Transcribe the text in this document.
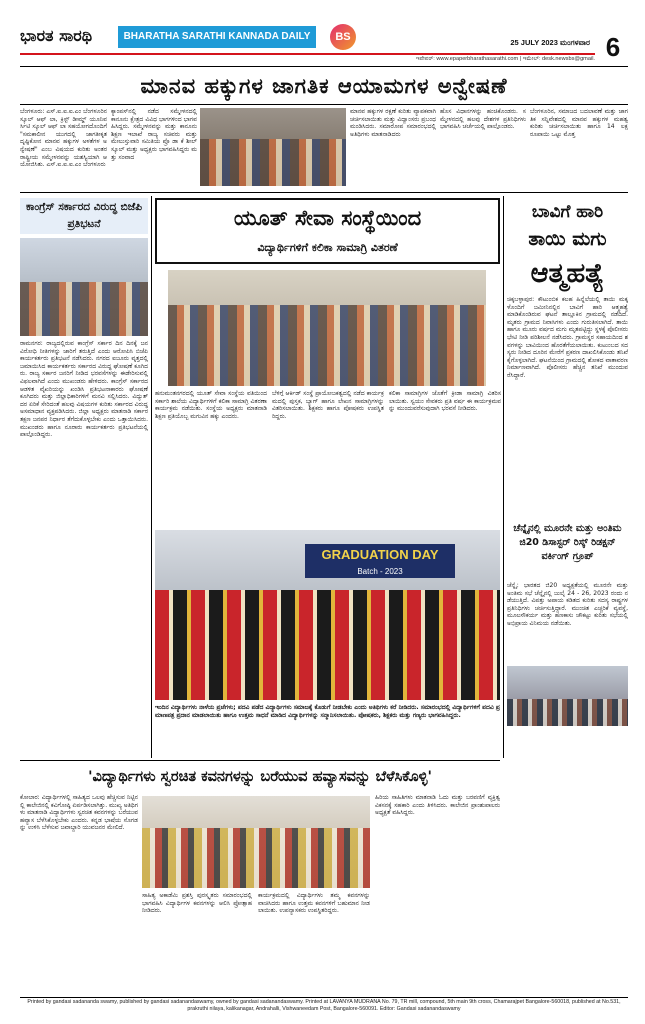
ಭಾರತ ಸಾರಥಿ	BHARATHA SARATHI KANNADA DAILY	BS	25 JULY 2023 ಮಂಗಳವಾರ 6
ಇಪೇಪರ್: www.epaperbharathasarathi.com | ಇಮೇಲ್: desk.newsbs@gmail.
ಮಾನವ ಹಕ್ಕುಗಳ ಜಾಗತಿಕ ಆಯಾಮಗಳ ಅನ್ವೇಷಣೆ
ಬೆಂಗಳೂರು: ಎಸ್.ಐ.ಐ.ಐ.ಎಂ ಬೆಂಗಳೂರಿನ ಸ್ಕೂಲ್ ಆಫ್ ಲಾ, ಕ್ರಿಸ್ಟ್ ಡೀಮ್ಡ್ ಯೂನಿವರ್ಸಿಟಿ ಸ್ಕೂಲ್ ಆಫ್ ಲಾ ಸಹಯೋಗದೊಂದಿಗೆ "ಸಮಕಾಲೀನ ಯುಗದಲ್ಲಿ ಜಾಗತೀಕೃತ ದೃಷ್ಟಿಕೋನ ಮಾನವ ಹಕ್ಕುಗಳ ಅಳತೆಗಳ ಅನ್ವೇಷಣೆ" ಎಂಬ ವಿಷಯದ ಕುರಿತು ಅಂತರರಾಷ್ಟ್ರೀಯ ಸಮ್ಮೇಳನವನ್ನು ಯಶಸ್ವಿಯಾಗಿ ಆಯೋಜಿಸಿತು. ಎಸ್.ಐ.ಐ.ಐ.ಎಂ ಬೆಂಗಳೂರು
ಕ್ಯಾಂಪಸ್‌ನಲ್ಲಿ ನಡೆದ ಸಮ್ಮೇಳನದಲ್ಲಿ ಕಾನೂನು ಕ್ಷೇತ್ರದ ವಿವಿಧ ಭಾಗಗಳಿಂದ ಭಾಗವಹಿಸಿದ್ದರು. ಸಮ್ಮೇಳನವನ್ನು ಮತ್ತು ಕಾನೂನು ಶಿಕ್ಷಣ ಇಲಾಖೆ ರಾಜ್ಯ ಸಚಿವರು ಮತ್ತು ಮೇಲುಸ್ತುವಾರಿ ಸಮಿತಿಯ ಪ್ರೊ ಡಾ ಕೆ ಶೀಲ್ ಸ್ಕೂಲ್ ಮತ್ತು ಅಧ್ಯಕ್ಷರು ಭಾಗವಹಿಸಿದ್ದರು ಮತ್ತು ಸಂವಾದ
ಮಾನವ ಹಕ್ಕುಗಳ ರಕ್ಷಣೆ ಕುರಿತು ವ್ಯಾಪಕವಾಗಿ ಚರ್ಚಿಸಲಾಯಿತು ಮತ್ತು ವಿದ್ವಾಂಸರು ಪ್ರಬಂಧ ಮಂಡಿಸಿದರು. ಸಮಾರೋಪ ಸಮಾರಂಭದಲ್ಲಿ ಅತಿಥಿಗಳು ಮಾತನಾಡಿದರು
ಹೊಸ ವಿಧಾನಗಳನ್ನು ಹಂಚಿಕೊಂಡರು. ಸಮ್ಮೇಳನದಲ್ಲಿ ಹಲವು ದೇಶಗಳ ಪ್ರತಿನಿಧಿಗಳು ಭಾಗವಹಿಸಿ ಚರ್ಚೆಯಲ್ಲಿ ಪಾಲ್ಗೊಂಡರು.
ಬೆಂಗಳೂರಿನ, ಸಮಾಜದ ಬದಲಾವಣೆ ಮತ್ತು ಜಾಗತಿಕ ಸನ್ನಿವೇಶದಲ್ಲಿ ಮಾನವ ಹಕ್ಕುಗಳ ಮಹತ್ವ ಕುರಿತು ಚರ್ಚಿಸಲಾಯಿತು ಹಾಗೂ 14 ಲಕ್ಷ ರೂಪಾಯಿ ಒಟ್ಟು ಮೊತ್ತ
ಕಾಂಗ್ರೆಸ್ ಸರ್ಕಾರದ ವಿರುದ್ಧ ಬಿಜೆಪಿ ಪ್ರತಿಭಟನೆ
ರಾಮನಗರ: ರಾಜ್ಯದಲ್ಲಿರುವ ಕಾಂಗ್ರೆಸ್ ಸರ್ಕಾರ ದಿನ ದಿನಕ್ಕೆ ಜನವಿರೋಧಿ ನೀತಿಗಳನ್ನು ಜಾರಿಗೆ ತರುತ್ತಿದೆ ಎಂದು ಆರೋಪಿಸಿ ಬಿಜೆಪಿ ಕಾರ್ಯಕರ್ತರು ಪ್ರತಿಭಟನೆ ನಡೆಸಿದರು. ನಗರದ ಐಜೂರು ವೃತ್ತದಲ್ಲಿ ಜಮಾಯಿಸಿದ ಕಾರ್ಯಕರ್ತರು ಸರ್ಕಾರದ ವಿರುದ್ಧ ಘೋಷಣೆ ಕೂಗಿದರು. ರಾಜ್ಯ ಸರ್ಕಾರ ಜನರಿಗೆ ನೀಡಿದ ಭರವಸೆಗಳನ್ನು ಈಡೇರಿಸುವಲ್ಲಿ ವಿಫಲವಾಗಿದೆ ಎಂದು ಮುಖಂಡರು ಹೇಳಿದರು. ಕಾಂಗ್ರೆಸ್ ಸರ್ಕಾರದ ಆಡಳಿತ ವೈಖರಿಯನ್ನು ಖಂಡಿಸಿ ಪ್ರತಿಭಟನಾಕಾರರು ಘೋಷಣೆ ಕೂಗಿದರು ಮತ್ತು ಜಿಲ್ಲಾಧಿಕಾರಿಗಳಿಗೆ ಮನವಿ ಸಲ್ಲಿಸಿದರು. ವಿದ್ಯುತ್ ದರ ಏರಿಕೆ ಸೇರಿದಂತೆ ಹಲವು ವಿಷಯಗಳ ಕುರಿತು ಸರ್ಕಾರದ ವಿರುದ್ಧ ಅಸಮಾಧಾನ ವ್ಯಕ್ತಪಡಿಸಿದರು. ಜಿಲ್ಲಾ ಅಧ್ಯಕ್ಷರು ಮಾತನಾಡಿ ಸರ್ಕಾರ ತಕ್ಷಣ ಜನಪರ ನಿರ್ಧಾರ ತೆಗೆದುಕೊಳ್ಳಬೇಕು ಎಂದು ಒತ್ತಾಯಿಸಿದರು. ಮುಖಂಡರು ಹಾಗೂ ನೂರಾರು ಕಾರ್ಯಕರ್ತರು ಪ್ರತಿಭಟನೆಯಲ್ಲಿ ಪಾಲ್ಗೊಂಡಿದ್ದರು.
ಯೂತ್ ಸೇವಾ ಸಂಸ್ಥೆಯಿಂದ
ವಿದ್ಯಾರ್ಥಿಗಳಿಗೆ ಕಲಿಕಾ ಸಾಮಾಗ್ರಿ ವಿತರಣೆ
ಹನುಮಂತನಗರದಲ್ಲಿ ಯೂತ್ ಸೇವಾ ಸಂಸ್ಥೆಯ ವತಿಯಿಂದ ಸರ್ಕಾರಿ ಶಾಲೆಯ ವಿದ್ಯಾರ್ಥಿಗಳಿಗೆ ಕಲಿಕಾ ಸಾಮಾಗ್ರಿ ವಿತರಣಾ ಕಾರ್ಯಕ್ರಮ ನಡೆಯಿತು. ಸಂಸ್ಥೆಯ ಅಧ್ಯಕ್ಷರು ಮಾತನಾಡಿ ಶಿಕ್ಷಣ ಪ್ರತಿಯೊಬ್ಬ ಮಗುವಿನ ಹಕ್ಕು ಎಂದರು.
ಬೆಳಿಗ್ಗೆ ಆರ್ಕಿಡ್ ಸಂಸ್ಥೆ ಪ್ರಾಯೋಜಕತ್ವದಲ್ಲಿ ನಡೆದ ಕಾರ್ಯಕ್ರಮದಲ್ಲಿ ಪುಸ್ತಕ, ಬ್ಯಾಗ್ ಹಾಗೂ ಲೇಖನ ಸಾಮಾಗ್ರಿಗಳನ್ನು ವಿತರಿಸಲಾಯಿತು. ಶಿಕ್ಷಕರು ಹಾಗೂ ಪೋಷಕರು ಉಪಸ್ಥಿತರಿದ್ದರು.
ಕಲಿಕಾ ಸಾಮಾಗ್ರಿಗಳ ಜೊತೆಗೆ ಕ್ರೀಡಾ ಸಾಮಾಗ್ರಿ ವಿತರಿಸಲಾಯಿತು. ಸ್ವಯಂ ಸೇವಕರು ಪ್ರತಿ ವರ್ಷ ಈ ಕಾರ್ಯಕ್ರಮವನ್ನು ಮುಂದುವರೆಸುವುದಾಗಿ ಭರವಸೆ ನೀಡಿದರು.
GRADUATION DAY
Batch - 2023
ಇಂದಿನ ವಿದ್ಯಾರ್ಥಿಗಳು ನಾಳೆಯ ಪ್ರಜೆಗಳು; ಪದವಿ ಪಡೆದ ವಿದ್ಯಾರ್ಥಿಗಳು ಸಮಾಜಕ್ಕೆ ಕೊಡುಗೆ ನೀಡಬೇಕು ಎಂದು ಅತಿಥಿಗಳು ಕರೆ ನೀಡಿದರು. ಸಮಾರಂಭದಲ್ಲಿ ವಿದ್ಯಾರ್ಥಿಗಳಿಗೆ ಪದವಿ ಪ್ರಮಾಣಪತ್ರ ಪ್ರದಾನ ಮಾಡಲಾಯಿತು ಹಾಗೂ ಉತ್ತಮ ಸಾಧನೆ ಮಾಡಿದ ವಿದ್ಯಾರ್ಥಿಗಳನ್ನು ಸನ್ಮಾನಿಸಲಾಯಿತು. ಪೋಷಕರು, ಶಿಕ್ಷಕರು ಮತ್ತು ಗಣ್ಯರು ಭಾಗವಹಿಸಿದ್ದರು.
ಬಾವಿಗೆ ಹಾರಿ
ತಾಯಿ ಮಗು
ಆತ್ಮಹತ್ಯೆ
ಚಿಕ್ಕಬಳ್ಳಾಪುರ: ಕೌಟುಂಬಿಕ ಕಲಹ ಹಿನ್ನೆಲೆಯಲ್ಲಿ ತಾಯಿ ಮಕ್ಕಳೊಂದಿಗೆ ಜಮೀನಿನಲ್ಲಿನ ಬಾವಿಗೆ ಹಾರಿ ಆತ್ಮಹತ್ಯೆ ಮಾಡಿಕೊಂಡಿರುವ ಘಟನೆ ತಾಲ್ಲೂಕಿನ ಗ್ರಾಮದಲ್ಲಿ ನಡೆದಿದೆ. ಮೃತರು ಗ್ರಾಮದ ನಿವಾಸಿಗಳು ಎಂದು ಗುರುತಿಸಲಾಗಿದೆ. ತಾಯಿ ಹಾಗೂ ಮೂರು ವರ್ಷದ ಮಗು ಮೃತಪಟ್ಟಿದ್ದು ಸ್ಥಳಕ್ಕೆ ಪೊಲೀಸರು ಭೇಟಿ ನೀಡಿ ಪರಿಶೀಲನೆ ನಡೆಸಿದರು. ಗ್ರಾಮಸ್ಥರ ಸಹಾಯದಿಂದ ಶವಗಳನ್ನು ಬಾವಿಯಿಂದ ಹೊರತೆಗೆಯಲಾಯಿತು. ಕುಟುಂಬದ ಸದಸ್ಯರು ನೀಡಿದ ದೂರಿನ ಮೇರೆಗೆ ಪ್ರಕರಣ ದಾಖಲಿಸಿಕೊಂಡು ತನಿಖೆ ಕೈಗೊಳ್ಳಲಾಗಿದೆ. ಘಟನೆಯಿಂದ ಗ್ರಾಮದಲ್ಲಿ ಶೋಕದ ವಾತಾವರಣ ನಿರ್ಮಾಣವಾಗಿದೆ. ಪೊಲೀಸರು ಹೆಚ್ಚಿನ ತನಿಖೆ ಮುಂದುವರೆಸಿದ್ದಾರೆ.
ಚೆನ್ನೈನಲ್ಲಿ ಮೂರನೇ ಮತ್ತು ಅಂತಿಮ ಜಿ20 ಡಿಸಾಸ್ಟರ್ ರಿಸ್ಕ್ ರಿಡಕ್ಷನ್ ವರ್ಕಿಂಗ್ ಗ್ರೂಪ್
ಚೆನ್ನೈ: ಭಾರತದ ಜಿ20 ಅಧ್ಯಕ್ಷತೆಯಲ್ಲಿ ಮೂರನೇ ಮತ್ತು ಅಂತಿಮ ಸಭೆ ಚೆನ್ನೈನಲ್ಲಿ ಜುಲೈ 24 - 26, 2023 ರಂದು ನಡೆಯುತ್ತಿದೆ. ವಿಪತ್ತು ಅಪಾಯ ಕಡಿತದ ಕುರಿತು ಸದಸ್ಯ ರಾಷ್ಟ್ರಗಳ ಪ್ರತಿನಿಧಿಗಳು ಚರ್ಚಿಸುತ್ತಿದ್ದಾರೆ. ಮುಂಚಿತ ಎಚ್ಚರಿಕೆ ವ್ಯವಸ್ಥೆ, ಮೂಲಸೌಕರ್ಯ ಮತ್ತು ಹಣಕಾಸು ಚೌಕಟ್ಟು ಕುರಿತು ಸಭೆಯಲ್ಲಿ ಅಭಿಪ್ರಾಯ ವಿನಿಮಯ ನಡೆಯಿತು.
'ವಿದ್ಯಾರ್ಥಿಗಳು ಸ್ವರಚಿತ ಕವನಗಳನ್ನು ಬರೆಯುವ ಹವ್ಯಾಸವನ್ನು ಬೆಳೆಸಿಕೊಳ್ಳಿ'
ಕೋಲಾರ: ವಿದ್ಯಾರ್ಥಿಗಳಲ್ಲಿ ಸಾಹಿತ್ಯದ ಒಲವು ಹೆಚ್ಚಿಸುವ ನಿಟ್ಟಿನಲ್ಲಿ ಕಾಲೇಜಿನಲ್ಲಿ ಕವಿಗೋಷ್ಠಿ ಏರ್ಪಡಿಸಲಾಗಿತ್ತು. ಮುಖ್ಯ ಅತಿಥಿಗಳು ಮಾತನಾಡಿ ವಿದ್ಯಾರ್ಥಿಗಳು ಸ್ವರಚಿತ ಕವನಗಳನ್ನು ಬರೆಯುವ ಹವ್ಯಾಸ ಬೆಳೆಸಿಕೊಳ್ಳಬೇಕು ಎಂದರು. ಕನ್ನಡ ಭಾಷೆಯ ಸೊಗಡನ್ನು ಉಳಿಸಿ ಬೆಳೆಸುವ ಜವಾಬ್ದಾರಿ ಯುವಜನರ ಮೇಲಿದೆ.
ಸಾಹಿತ್ಯ ಅಕಾಡೆಮಿ ಪ್ರಶಸ್ತಿ ಪುರಸ್ಕೃತರು ಸಮಾರಂಭದಲ್ಲಿ ಭಾಗವಹಿಸಿ ವಿದ್ಯಾರ್ಥಿಗಳ ಕವನಗಳನ್ನು ಆಲಿಸಿ ಪ್ರೋತ್ಸಾಹ ನೀಡಿದರು.
ಕಾರ್ಯಕ್ರಮದಲ್ಲಿ ವಿದ್ಯಾರ್ಥಿಗಳು ತಮ್ಮ ಕವನಗಳನ್ನು ವಾಚಿಸಿದರು ಹಾಗೂ ಉತ್ತಮ ಕವನಗಳಿಗೆ ಬಹುಮಾನ ನೀಡಲಾಯಿತು. ಉಪನ್ಯಾಸಕರು ಉಪಸ್ಥಿತರಿದ್ದರು.
ಹಿರಿಯ ಸಾಹಿತಿಗಳು ಮಾತನಾಡಿ ಓದು ಮತ್ತು ಬರವಣಿಗೆ ವ್ಯಕ್ತಿತ್ವ ವಿಕಸನಕ್ಕೆ ಸಹಕಾರಿ ಎಂದು ತಿಳಿಸಿದರು. ಕಾಲೇಜಿನ ಪ್ರಾಂಶುಪಾಲರು ಅಧ್ಯಕ್ಷತೆ ವಹಿಸಿದ್ದರು.
Printed by gandasi sadananda swamy, published by gandasi sadanandaswamy, owned by gandasi sadanandaswamy. Printed at LAVANYA MUDRANA No. 79, TR mill, compound, 5th main 9th cross, Chamarajpet Bangalore-560018, published at No.531, prakruthi nilaya, kalikanagar, Andrahalli, Vishwaneedam Post, Bangalore-560091. Editor: Gandasi sadanandaswamy
